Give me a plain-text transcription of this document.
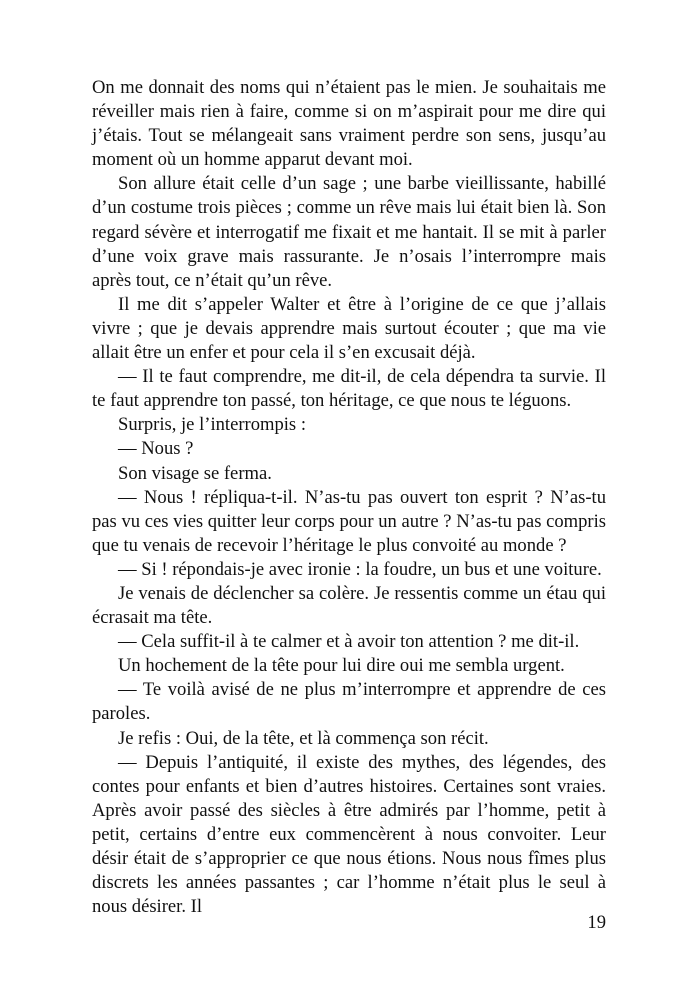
On me donnait des noms qui n’étaient pas le mien. Je souhaitais me réveiller mais rien à faire, comme si on m’aspirait pour me dire qui j’étais. Tout se mélangeait sans vraiment perdre son sens, jusqu’au moment où un homme apparut devant moi.

Son allure était celle d’un sage ; une barbe vieillissante, habillé d’un costume trois pièces ; comme un rêve mais lui était bien là. Son regard sévère et interrogatif me fixait et me hantait. Il se mit à parler d’une voix grave mais rassurante. Je n’osais l’interrompre mais après tout, ce n’était qu’un rêve.

Il me dit s’appeler Walter et être à l’origine de ce que j’allais vivre ; que je devais apprendre mais surtout écouter ; que ma vie allait être un enfer et pour cela il s’en excusait déjà.

— Il te faut comprendre, me dit-il, de cela dépendra ta survie. Il te faut apprendre ton passé, ton héritage, ce que nous te léguons.

Surpris, je l’interrompis :

— Nous ?

Son visage se ferma.

— Nous ! répliqua-t-il. N’as-tu pas ouvert ton esprit ? N’as-tu pas vu ces vies quitter leur corps pour un autre ? N’as-tu pas compris que tu venais de recevoir l’héritage le plus convoité au monde ?

— Si ! répondais-je avec ironie : la foudre, un bus et une voiture.

Je venais de déclencher sa colère. Je ressentis comme un étau qui écrasait ma tête.

— Cela suffit-il à te calmer et à avoir ton attention ? me dit-il.

Un hochement de la tête pour lui dire oui me sembla urgent.

— Te voilà avisé de ne plus m’interrompre et apprendre de ces paroles.

Je refis : Oui, de la tête, et là commença son récit.

— Depuis l’antiquité, il existe des mythes, des légendes, des contes pour enfants et bien d’autres histoires. Certaines sont vraies. Après avoir passé des siècles à être admirés par l’homme, petit à petit, certains d’entre eux commencèrent à nous convoiter. Leur désir était de s’approprier ce que nous étions. Nous nous fîmes plus discrets les années passantes ; car l’homme n’était plus le seul à nous désirer. Il

19
